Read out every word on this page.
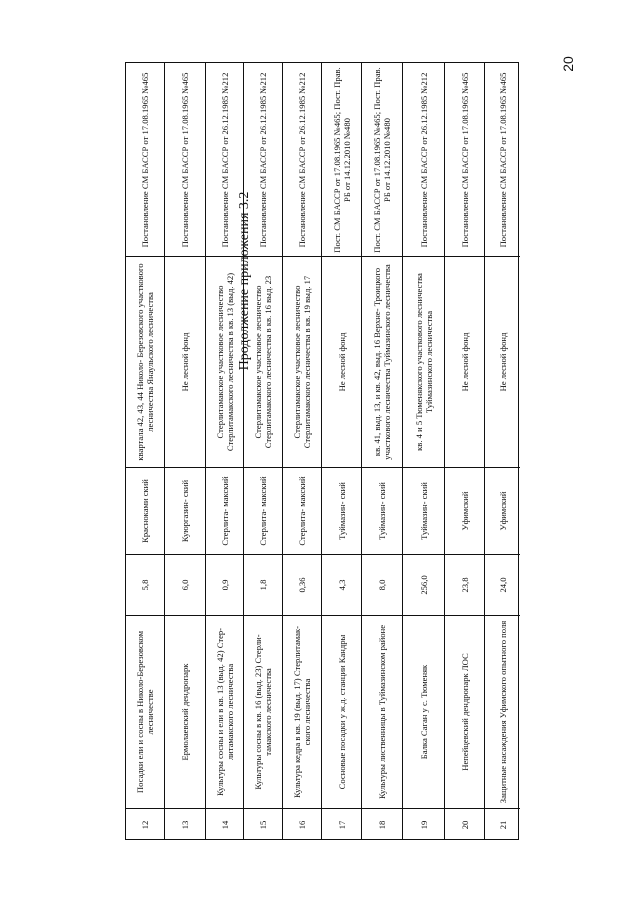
20
Продолжение приложения 3.2
Постановление СМ БАССР от 17.08.1965 №465
квартала 42, 43, 44 Николо- Березовского участкового лесничества Янаульского лесничества
Красноками ский
5,8
Посадки ели и сосны в Николо-Березовском лесничестве
12
Постановление СМ БАССР от 17.08.1965 №465
Не лесной фонд
Куюргазин- ский
6,0
Ермолаевский дендропарк
13
Постановление СМ БАССР от 26.12.1985 №212
Стерлитамакское участковое лесничество Стерлитамакского лесничества в кв. 13 (выд. 42)
Стерлита- макский
0,9
Культуры сосны и ели в кв. 13 (выд. 42) Стер- литамакского лесничества
14
Постановление СМ БАССР от 26.12.1985 №212
Стерлитамакское участковое лесничество Стерлитамакского лесничества в кв. 16 выд. 23
Стерлита- макский
1,8
Культуры сосны в кв. 16 (выд. 23) Стерли- тамакского лесничества
15
Постановление СМ БАССР от 26.12.1985 №212
Стерлитамакское участковое лесничество Стерлитамакского лесничества в кв. 19 выд. 17
Стерлита- макский
0,36
Культура кедра в кв. 19 (выд. 17) Стерлитамак- ского лесничества
16
Пост. СМ БАССР от 17.08.1965 №465; Пост. Прав. РБ от 14.12.2010 №480
Не лесной фонд
Туймазин- ский
4,3
Сосновые посадки у ж.д. станции Кандры
17
Пост. СМ БАССР от 17.08.1965 №465; Пост. Прав. РБ от 14.12.2010 №480
кв. 41, выд. 13, и кв. 42, выд. 16 Верхне- Троицкого участкового лесничества Туймазинского лесничества
Туймазин- ский
8,0
Культуры лиственницы в Туймазинском районе
18
Постановление СМ БАССР от 26.12.1985 №212
кв. 4 и 5 Тюменякского участкового лесничества Туймазинского лесничества
Туймазин- ский
256,0
Балка Саган у с. Тюменяк
19
Постановление СМ БАССР от 17.08.1965 №465
Не лесной фонд
Уфимский
23,8
Непейцевский дендропарк ЛОС
20
Постановление СМ БАССР от 17.08.1965 №465
Не лесной фонд
Уфимский
24,0
Защитные насаждения Уфимского опытного поля
21
